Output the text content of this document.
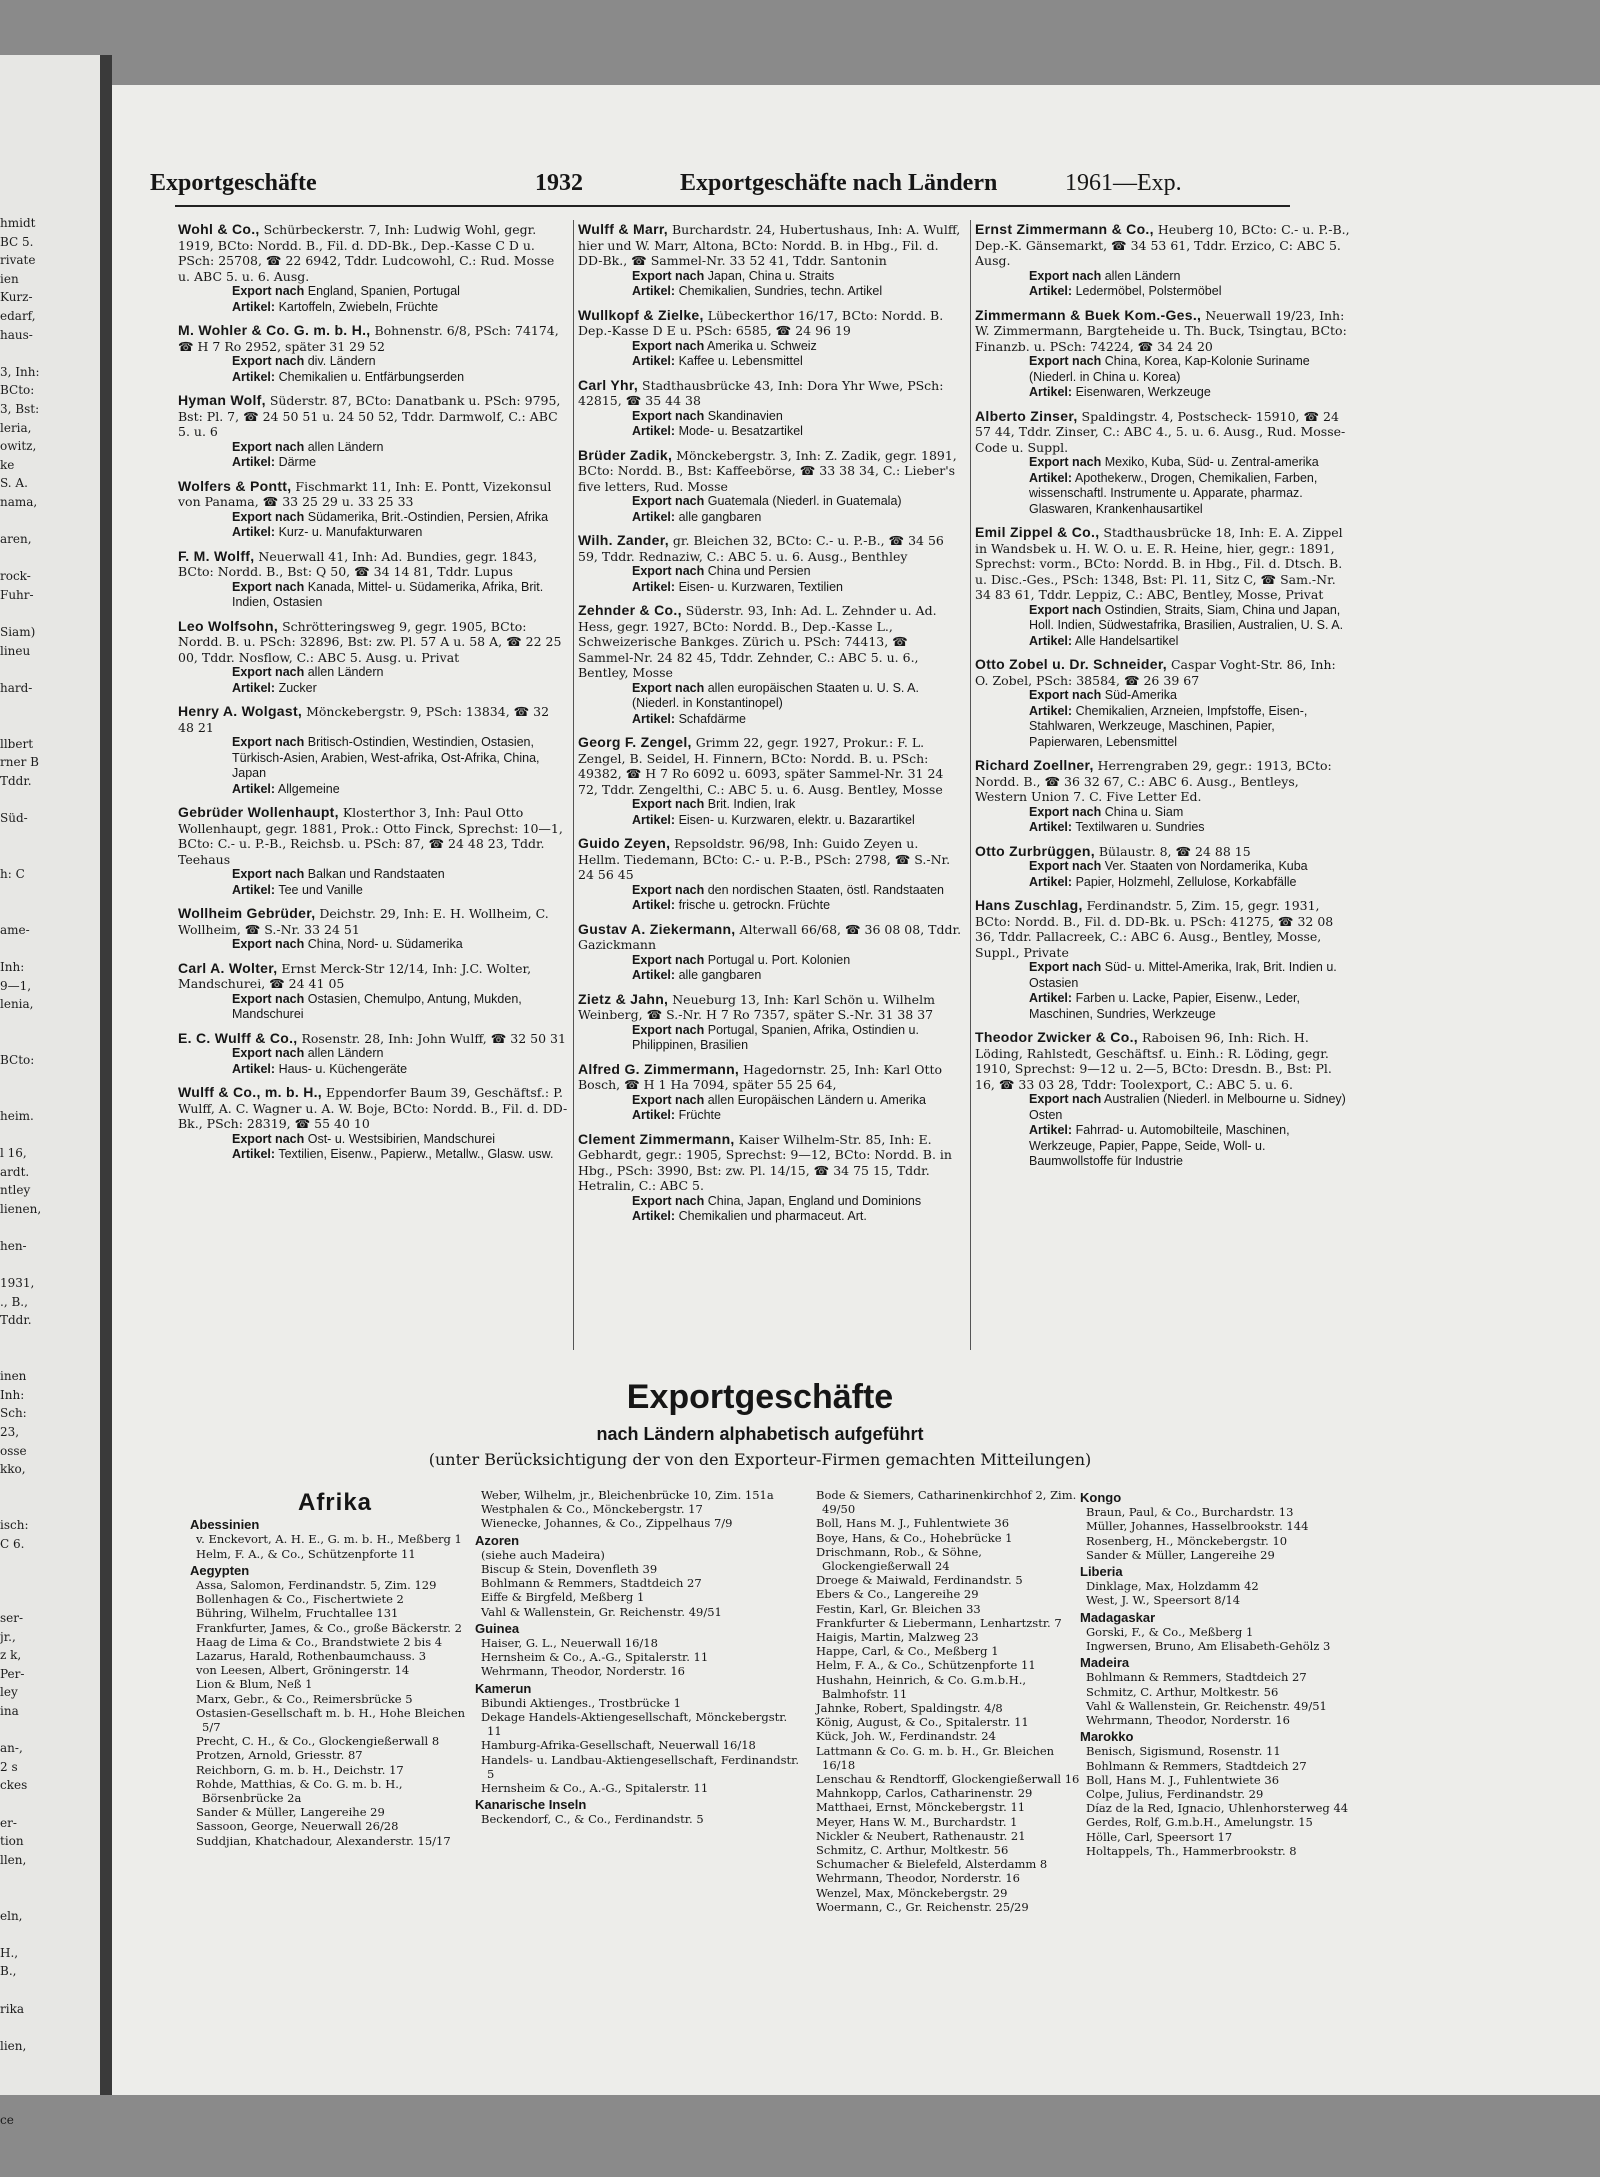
hmidt
BC 5.
rivate
ien
Kurz-
edarf,
haus-
3, Inh:
BCto:
3, Bst:
leria,
owitz,
ke
S. A.
nama,
aren,
rock-
Fuhr-
Siam)
lineu
hard-
llbert
rner B
Tddr.
Süd-
h: C
ame-
Inh:
9—1,
lenia,
BCto:
heim.
l 16,
ardt.
ntley
lienen,
hen-
1931,
., B.,
Tddr.
inen
Inh:
Sch:
23,
osse
kko,
isch:
C 6.
ser-
jr.,
z k,
Per-
ley
ina
an-,
2 s
ckes
er-
tion
llen,
eln,
H.,
B.,
rika
lien,
ce
Exportgeschäfte	1932	Exportgeschäfte nach Ländern	1961—Exp.
Wohl & Co., Schürbeckerstr. 7, Inh: Ludwig Wohl, gegr. 1919, BCto: Nordd. B., Fil. d. DD-Bk., Dep.-Kasse C D u. PSch: 25708, ☎ 22 6942, Tddr. Ludcowohl, C.: Rud. Mosse u. ABC 5. u. 6. Ausg.
Export nach England, Spanien, Portugal
Artikel: Kartoffeln, Zwiebeln, Früchte
M. Wohler & Co. G. m. b. H., Bohnenstr. 6/8, PSch: 74174, ☎ H 7 Ro 2952, später 31 29 52
Export nach div. Ländern
Artikel: Chemikalien u. Entfärbungserden
Hyman Wolf, Süderstr. 87, BCto: Danatbank u. PSch: 9795, Bst: Pl. 7, ☎ 24 50 51 u. 24 50 52, Tddr. Darmwolf, C.: ABC 5. u. 6
Export nach allen Ländern
Artikel: Därme
Wolfers & Pontt, Fischmarkt 11, Inh: E. Pontt, Vizekonsul von Panama, ☎ 33 25 29 u. 33 25 33
Export nach Südamerika, Brit.-Ostindien, Persien, Afrika
Artikel: Kurz- u. Manufakturwaren
F. M. Wolff, Neuerwall 41, Inh: Ad. Bundies, gegr. 1843, BCto: Nordd. B., Bst: Q 50, ☎ 34 14 81, Tddr. Lupus
Export nach Kanada, Mittel- u. Südamerika, Afrika, Brit. Indien, Ostasien
Leo Wolfsohn, Schrötteringsweg 9, gegr. 1905, BCto: Nordd. B. u. PSch: 32896, Bst: zw. Pl. 57 A u. 58 A, ☎ 22 25 00, Tddr. Nosflow, C.: ABC 5. Ausg. u. Privat
Export nach allen Ländern
Artikel: Zucker
Henry A. Wolgast, Mönckebergstr. 9, PSch: 13834, ☎ 32 48 21
Export nach Britisch-Ostindien, Westindien, Ostasien, Türkisch-Asien, Arabien, West-afrika, Ost-Afrika, China, Japan
Artikel: Allgemeine
Gebrüder Wollenhaupt, Klosterthor 3, Inh: Paul Otto Wollenhaupt, gegr. 1881, Prok.: Otto Finck, Sprechst: 10—1, BCto: C.- u. P.-B., Reichsb. u. PSch: 87, ☎ 24 48 23, Tddr. Teehaus
Export nach Balkan und Randstaaten
Artikel: Tee und Vanille
Wollheim Gebrüder, Deichstr. 29, Inh: E. H. Wollheim, C. Wollheim, ☎ S.-Nr. 33 24 51
Export nach China, Nord- u. Südamerika
Carl A. Wolter, Ernst Merck-Str 12/14, Inh: J.C. Wolter, Mandschurei, ☎ 24 41 05
Export nach Ostasien, Chemulpo, Antung, Mukden, Mandschurei
E. C. Wulff & Co., Rosenstr. 28, Inh: John Wulff, ☎ 32 50 31
Export nach allen Ländern
Artikel: Haus- u. Küchengeräte
Wulff & Co., m. b. H., Eppendorfer Baum 39, Geschäftsf.: P. Wulff, A. C. Wagner u. A. W. Boje, BCto: Nordd. B., Fil. d. DD-Bk., PSch: 28319, ☎ 55 40 10
Export nach Ost- u. Westsibirien, Mandschurei
Artikel: Textilien, Eisenw., Papierw., Metallw., Glasw. usw.
Wulff & Marr, Burchardstr. 24, Hubertushaus, Inh: A. Wulff, hier und W. Marr, Altona, BCto: Nordd. B. in Hbg., Fil. d. DD-Bk., ☎ Sammel-Nr. 33 52 41, Tddr. Santonin
Export nach Japan, China u. Straits
Artikel: Chemikalien, Sundries, techn. Artikel
Wullkopf & Zielke, Lübeckerthor 16/17, BCto: Nordd. B. Dep.-Kasse D E u. PSch: 6585, ☎ 24 96 19
Export nach Amerika u. Schweiz
Artikel: Kaffee u. Lebensmittel
Carl Yhr, Stadthausbrücke 43, Inh: Dora Yhr Wwe, PSch: 42815, ☎ 35 44 38
Export nach Skandinavien
Artikel: Mode- u. Besatzartikel
Brüder Zadik, Mönckebergstr. 3, Inh: Z. Zadik, gegr. 1891, BCto: Nordd. B., Bst: Kaffeebörse, ☎ 33 38 34, C.: Lieber's five letters, Rud. Mosse
Export nach Guatemala (Niederl. in Guatemala)
Artikel: alle gangbaren
Wilh. Zander, gr. Bleichen 32, BCto: C.- u. P.-B., ☎ 34 56 59, Tddr. Rednaziw, C.: ABC 5. u. 6. Ausg., Benthley
Export nach China und Persien
Artikel: Eisen- u. Kurzwaren, Textilien
Zehnder & Co., Süderstr. 93, Inh: Ad. L. Zehnder u. Ad. Hess, gegr. 1927, BCto: Nordd. B., Dep.-Kasse L., Schweizerische Bankges. Zürich u. PSch: 74413, ☎ Sammel-Nr. 24 82 45, Tddr. Zehnder, C.: ABC 5. u. 6., Bentley, Mosse
Export nach allen europäischen Staaten u. U. S. A. (Niederl. in Konstantinopel)
Artikel: Schafdärme
Georg F. Zengel, Grimm 22, gegr. 1927, Prokur.: F. L. Zengel, B. Seidel, H. Finnern, BCto: Nordd. B. u. PSch: 49382, ☎ H 7 Ro 6092 u. 6093, später Sammel-Nr. 31 24 72, Tddr. Zengelthi, C.: ABC 5. u. 6. Ausg. Bentley, Mosse
Export nach Brit. Indien, Irak
Artikel: Eisen- u. Kurzwaren, elektr. u. Bazarartikel
Guido Zeyen, Repsoldstr. 96/98, Inh: Guido Zeyen u. Hellm. Tiedemann, BCto: C.- u. P.-B., PSch: 2798, ☎ S.-Nr. 24 56 45
Export nach den nordischen Staaten, östl. Randstaaten
Artikel: frische u. getrockn. Früchte
Gustav A. Ziekermann, Alterwall 66/68, ☎ 36 08 08, Tddr. Gazickmann
Export nach Portugal u. Port. Kolonien
Artikel: alle gangbaren
Zietz & Jahn, Neueburg 13, Inh: Karl Schön u. Wilhelm Weinberg, ☎ S.-Nr. H 7 Ro 7357, später S.-Nr. 31 38 37
Export nach Portugal, Spanien, Afrika, Ostindien u. Philippinen, Brasilien
Alfred G. Zimmermann, Hagedornstr. 25, Inh: Karl Otto Bosch, ☎ H 1 Ha 7094, später 55 25 64,
Export nach allen Europäischen Ländern u. Amerika
Artikel: Früchte
Clement Zimmermann, Kaiser Wilhelm-Str. 85, Inh: E. Gebhardt, gegr.: 1905, Sprechst: 9—12, BCto: Nordd. B. in Hbg., PSch: 3990, Bst: zw. Pl. 14/15, ☎ 34 75 15, Tddr. Hetralin, C.: ABC 5.
Export nach China, Japan, England und Dominions
Artikel: Chemikalien und pharmaceut. Art.
Ernst Zimmermann & Co., Heuberg 10, BCto: C.- u. P.-B., Dep.-K. Gänsemarkt, ☎ 34 53 61, Tddr. Erzico, C: ABC 5. Ausg.
Export nach allen Ländern
Artikel: Ledermöbel, Polstermöbel
Zimmermann & Buek Kom.-Ges., Neuerwall 19/23, Inh: W. Zimmermann, Bargteheide u. Th. Buck, Tsingtau, BCto: Finanzb. u. PSch: 74224, ☎ 34 24 20
Export nach China, Korea, Kap-Kolonie Suriname (Niederl. in China u. Korea)
Artikel: Eisenwaren, Werkzeuge
Alberto Zinser, Spaldingstr. 4, Postscheck- 15910, ☎ 24 57 44, Tddr. Zinser, C.: ABC 4., 5. u. 6. Ausg., Rud. Mosse-Code u. Suppl.
Export nach Mexiko, Kuba, Süd- u. Zentral-amerika
Artikel: Apothekerw., Drogen, Chemikalien, Farben, wissenschaftl. Instrumente u. Apparate, pharmaz. Glaswaren, Krankenhausartikel
Emil Zippel & Co., Stadthausbrücke 18, Inh: E. A. Zippel in Wandsbek u. H. W. O. u. E. R. Heine, hier, gegr.: 1891, Sprechst: vorm., BCto: Nordd. B. in Hbg., Fil. d. Dtsch. B. u. Disc.-Ges., PSch: 1348, Bst: Pl. 11, Sitz C, ☎ Sam.-Nr. 34 83 61, Tddr. Leppiz, C.: ABC, Bentley, Mosse, Privat
Export nach Ostindien, Straits, Siam, China und Japan, Holl. Indien, Südwestafrika, Brasilien, Australien, U. S. A.
Artikel: Alle Handelsartikel
Otto Zobel u. Dr. Schneider, Caspar Voght-Str. 86, Inh: O. Zobel, PSch: 38584, ☎ 26 39 67
Export nach Süd-Amerika
Artikel: Chemikalien, Arzneien, Impfstoffe, Eisen-, Stahlwaren, Werkzeuge, Maschinen, Papier, Papierwaren, Lebensmittel
Richard Zoellner, Herrengraben 29, gegr.: 1913, BCto: Nordd. B., ☎ 36 32 67, C.: ABC 6. Ausg., Bentleys, Western Union 7. C. Five Letter Ed.
Export nach China u. Siam
Artikel: Textilwaren u. Sundries
Otto Zurbrüggen, Bülaustr. 8, ☎ 24 88 15
Export nach Ver. Staaten von Nordamerika, Kuba
Artikel: Papier, Holzmehl, Zellulose, Korkabfälle
Hans Zuschlag, Ferdinandstr. 5, Zim. 15, gegr. 1931, BCto: Nordd. B., Fil. d. DD-Bk. u. PSch: 41275, ☎ 32 08 36, Tddr. Pallacreek, C.: ABC 6. Ausg., Bentley, Mosse, Suppl., Private
Export nach Süd- u. Mittel-Amerika, Irak, Brit. Indien u. Ostasien
Artikel: Farben u. Lacke, Papier, Eisenw., Leder, Maschinen, Sundries, Werkzeuge
Theodor Zwicker & Co., Raboisen 96, Inh: Rich. H. Löding, Rahlstedt, Geschäftsf. u. Einh.: R. Löding, gegr. 1910, Sprechst: 9—12 u. 2—5, BCto: Dresdn. B., Bst: Pl. 16, ☎ 33 03 28, Tddr: Toolexport, C.: ABC 5. u. 6.
Export nach Australien (Niederl. in Melbourne u. Sidney) Osten
Artikel: Fahrrad- u. Automobilteile, Maschinen, Werkzeuge, Papier, Pappe, Seide, Woll- u. Baumwollstoffe für Industrie
Exportgeschäfte
nach Ländern alphabetisch aufgeführt
(unter Berücksichtigung der von den Exporteur-Firmen gemachten Mitteilungen)
Afrika
Abessinien
v. Enckevort, A. H. E., G. m. b. H., Meßberg 1
Helm, F. A., & Co., Schützenpforte 11
Aegypten
Assa, Salomon, Ferdinandstr. 5, Zim. 129
Bollenhagen & Co., Fischertwiete 2
Bühring, Wilhelm, Fruchtallee 131
Frankfurter, James, & Co., große Bäckerstr. 2
Haag de Lima & Co., Brandstwiete 2 bis 4
Lazarus, Harald, Rothenbaumchauss. 3
von Leesen, Albert, Gröningerstr. 14
Lion & Blum, Neß 1
Marx, Gebr., & Co., Reimersbrücke 5
Ostasien-Gesellschaft m. b. H., Hohe Bleichen 5/7
Precht, C. H., & Co., Glockengießerwall 8
Protzen, Arnold, Griesstr. 87
Reichborn, G. m. b. H., Deichstr. 17
Rohde, Matthias, & Co. G. m. b. H., Börsenbrücke 2a
Sander & Müller, Langereihe 29
Sassoon, George, Neuerwall 26/28
Suddjian, Khatchadour, Alexanderstr. 15/17
Weber, Wilhelm, jr., Bleichenbrücke 10, Zim. 151a
Westphalen & Co., Mönckebergstr. 17
Wienecke, Johannes, & Co., Zippelhaus 7/9
Azoren
(siehe auch Madeira)
Biscup & Stein, Dovenfleth 39
Bohlmann & Remmers, Stadtdeich 27
Eiffe & Birgfeld, Meßberg 1
Vahl & Wallenstein, Gr. Reichenstr. 49/51
Guinea
Haiser, G. L., Neuerwall 16/18
Hernsheim & Co., A.-G., Spitalerstr. 11
Wehrmann, Theodor, Norderstr. 16
Kamerun
Bibundi Aktienges., Trostbrücke 1
Dekage Handels-Aktiengesellschaft, Mönckebergstr. 11
Hamburg-Afrika-Gesellschaft, Neuerwall 16/18
Handels- u. Landbau-Aktiengesellschaft, Ferdinandstr. 5
Hernsheim & Co., A.-G., Spitalerstr. 11
Kanarische Inseln
Beckendorf, C., & Co., Ferdinandstr. 5
Bode & Siemers, Catharinenkirchhof 2, Zim. 49/50
Boll, Hans M. J., Fuhlentwiete 36
Boye, Hans, & Co., Hohebrücke 1
Drischmann, Rob., & Söhne, Glockengießerwall 24
Droege & Maiwald, Ferdinandstr. 5
Ebers & Co., Langereihe 29
Festin, Karl, Gr. Bleichen 33
Frankfurter & Liebermann, Lenhartzstr. 7
Haigis, Martin, Malzweg 23
Happe, Carl, & Co., Meßberg 1
Helm, F. A., & Co., Schützenpforte 11
Hushahn, Heinrich, & Co. G.m.b.H., Balmhofstr. 11
Jahnke, Robert, Spaldingstr. 4/8
König, August, & Co., Spitalerstr. 11
Kück, Joh. W., Ferdinandstr. 24
Lattmann & Co. G. m. b. H., Gr. Bleichen 16/18
Lenschau & Rendtorff, Glockengießerwall 16
Mahnkopp, Carlos, Catharinenstr. 29
Matthaei, Ernst, Mönckebergstr. 11
Meyer, Hans W. M., Burchardstr. 1
Nickler & Neubert, Rathenaustr. 21
Schmitz, C. Arthur, Moltkestr. 56
Schumacher & Bielefeld, Alsterdamm 8
Wehrmann, Theodor, Norderstr. 16
Wenzel, Max, Mönckebergstr. 29
Woermann, C., Gr. Reichenstr. 25/29
Kongo
Braun, Paul, & Co., Burchardstr. 13
Müller, Johannes, Hasselbrookstr. 144
Rosenberg, H., Mönckebergstr. 10
Sander & Müller, Langereihe 29
Liberia
Dinklage, Max, Holzdamm 42
West, J. W., Speersort 8/14
Madagaskar
Gorski, F., & Co., Meßberg 1
Ingwersen, Bruno, Am Elisabeth-Gehölz 3
Madeira
Bohlmann & Remmers, Stadtdeich 27
Schmitz, C. Arthur, Moltkestr. 56
Vahl & Wallenstein, Gr. Reichenstr. 49/51
Wehrmann, Theodor, Norderstr. 16
Marokko
Benisch, Sigismund, Rosenstr. 11
Bohlmann & Remmers, Stadtdeich 27
Boll, Hans M. J., Fuhlentwiete 36
Colpe, Julius, Ferdinandstr. 29
Díaz de la Red, Ignacio, Uhlenhorsterweg 44
Gerdes, Rolf, G.m.b.H., Amelungstr. 15
Hölle, Carl, Speersort 17
Holtappels, Th., Hammerbrookstr. 8
